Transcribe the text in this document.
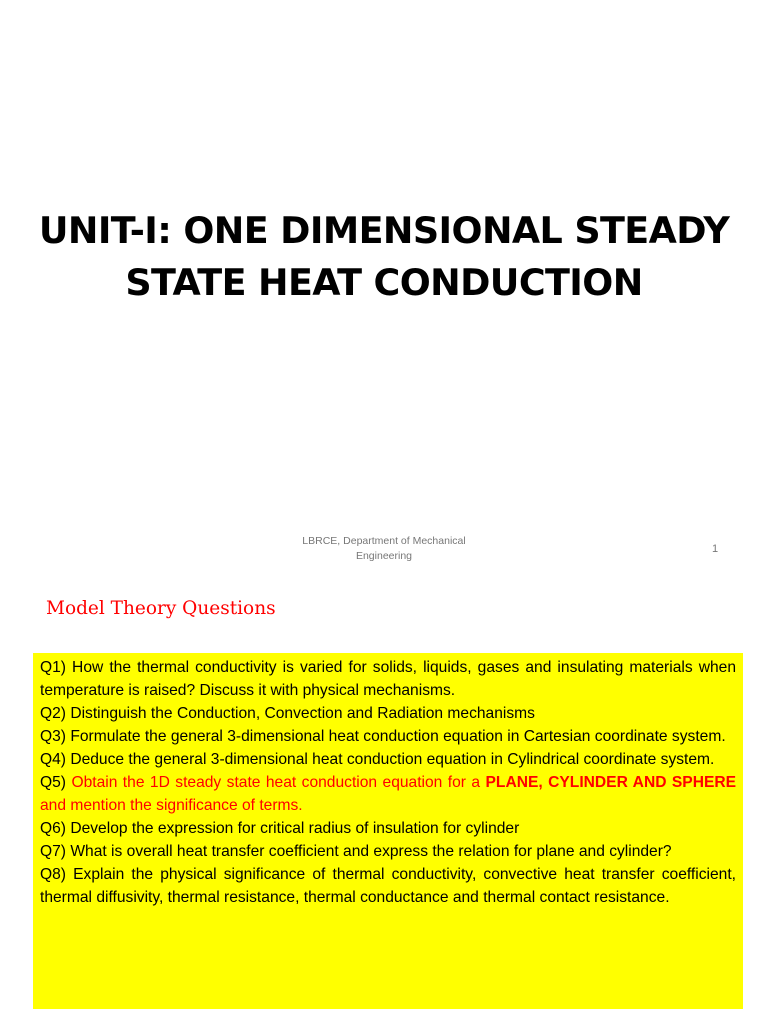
UNIT-I: ONE DIMENSIONAL STEADY
STATE HEAT CONDUCTION
LBRCE, Department of Mechanical
Engineering
1
Model Theory Questions

Q1) How the thermal conductivity is varied for solids, liquids, gases and insulating materials when temperature is raised? Discuss it with physical mechanisms.

Q2) Distinguish the Conduction, Convection and Radiation mechanisms

Q3) Formulate the general 3-dimensional heat conduction equation in Cartesian coordinate system.

Q4) Deduce the general 3-dimensional heat conduction equation in Cylindrical coordinate system.

Q5) Obtain the 1D steady state heat conduction equation for a PLANE, CYLINDER AND SPHERE and mention the significance of terms.

Q6) Develop the expression for critical radius of insulation for cylinder

Q7) What is overall heat transfer coefficient and express the relation for plane and cylinder?

Q8) Explain the physical significance of thermal conductivity, convective heat transfer coefficient, thermal diffusivity, thermal resistance, thermal conductance and thermal contact resistance.
